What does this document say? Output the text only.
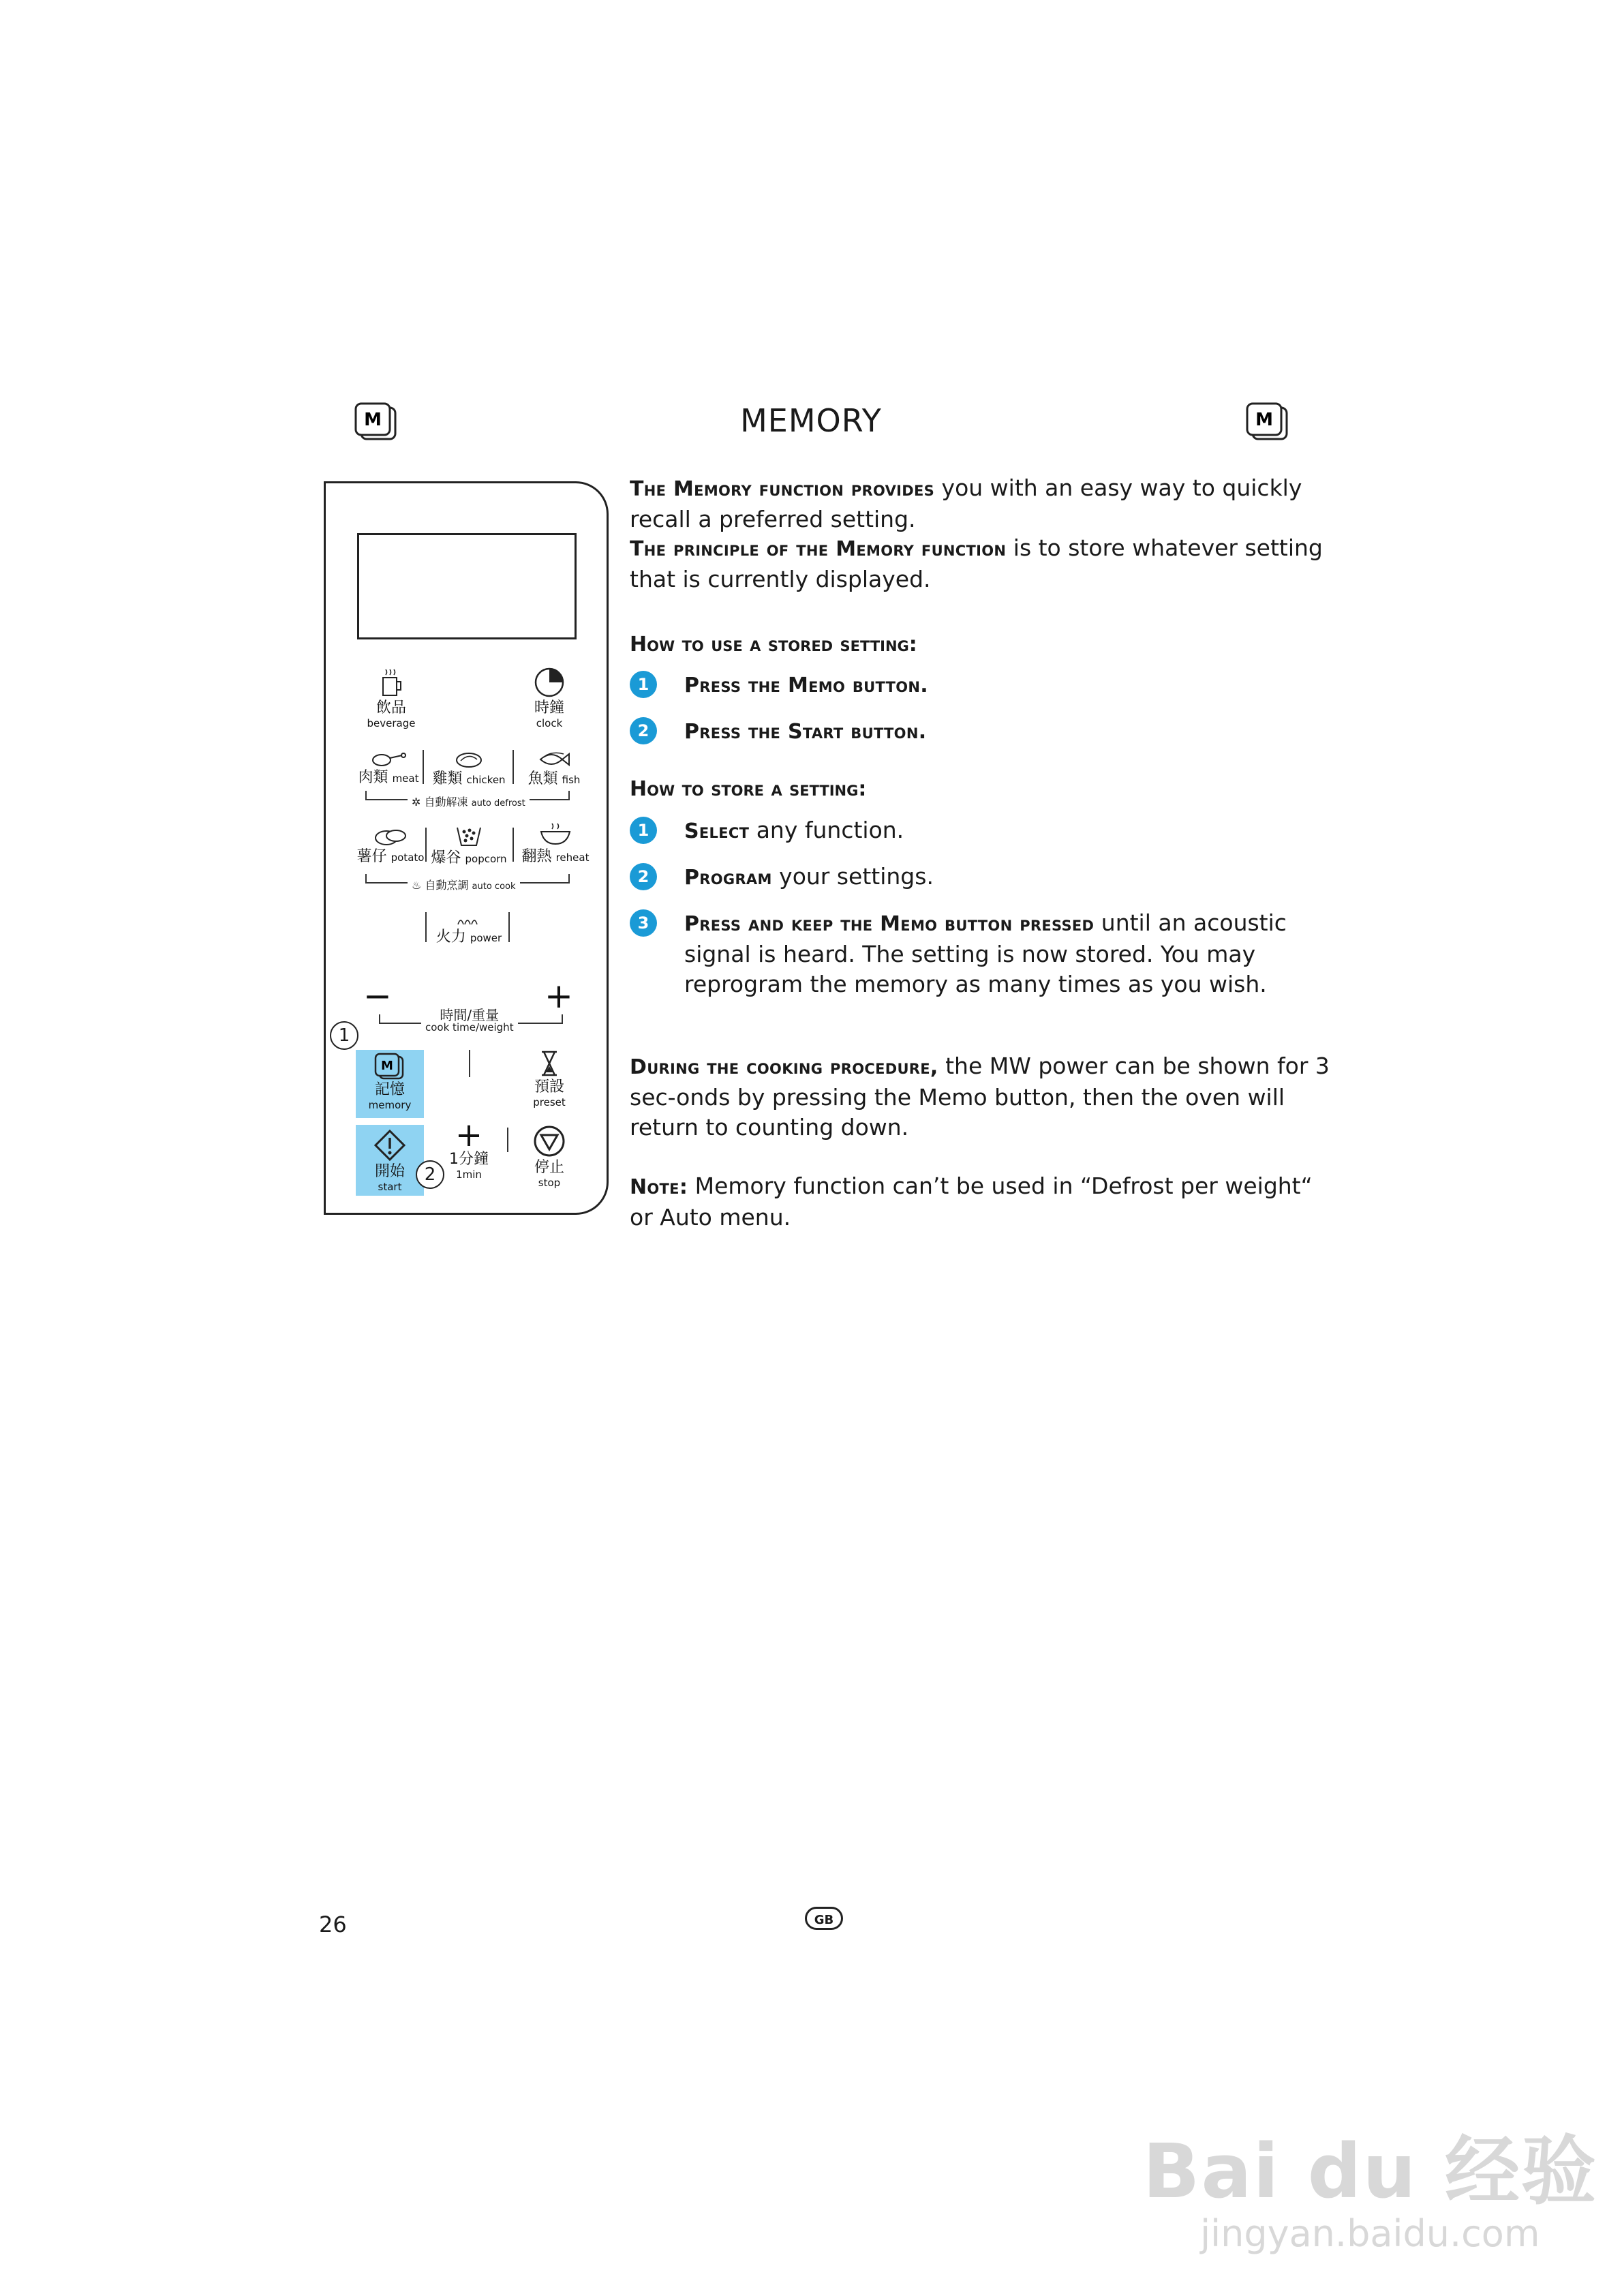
M	MEMORY	M
The Memory function provides you with an easy way to quickly recall a preferred setting.
The principle of the Memory function is to store whatever setting that is currently displayed.
How to use a stored setting:
1	Press the Memo button.
2	Press the Start button.
How to store a setting:
1	Select any function.
2	Program your settings.
3	Press and keep the Memo button pressed until an acoustic signal is heard. The setting is now stored. You may reprogram the memory as many times as you wish.
During the cooking procedure, the MW power can be shown for 3 sec-onds by pressing the Memo button, then the oven will return to counting down.
Note: Memory function can’t be used in “Defrost per weight“ or Auto menu.
飲品
beverage
時鐘
clock
肉類 meat 雞類 chicken	魚類 fish
✲ 自動解凍 auto defrost
薯仔 potato 爆谷 popcorn 翻熱 reheat
♨ 自動烹調 auto cook
火力 power
−	+
時間/重量
cook time/weight
1
M
記憶
memory
預設
preset
開始
start
2
+
1分鐘
1min	停止
stop
26	GB
Bai du 经验
jingyan.baidu.com
